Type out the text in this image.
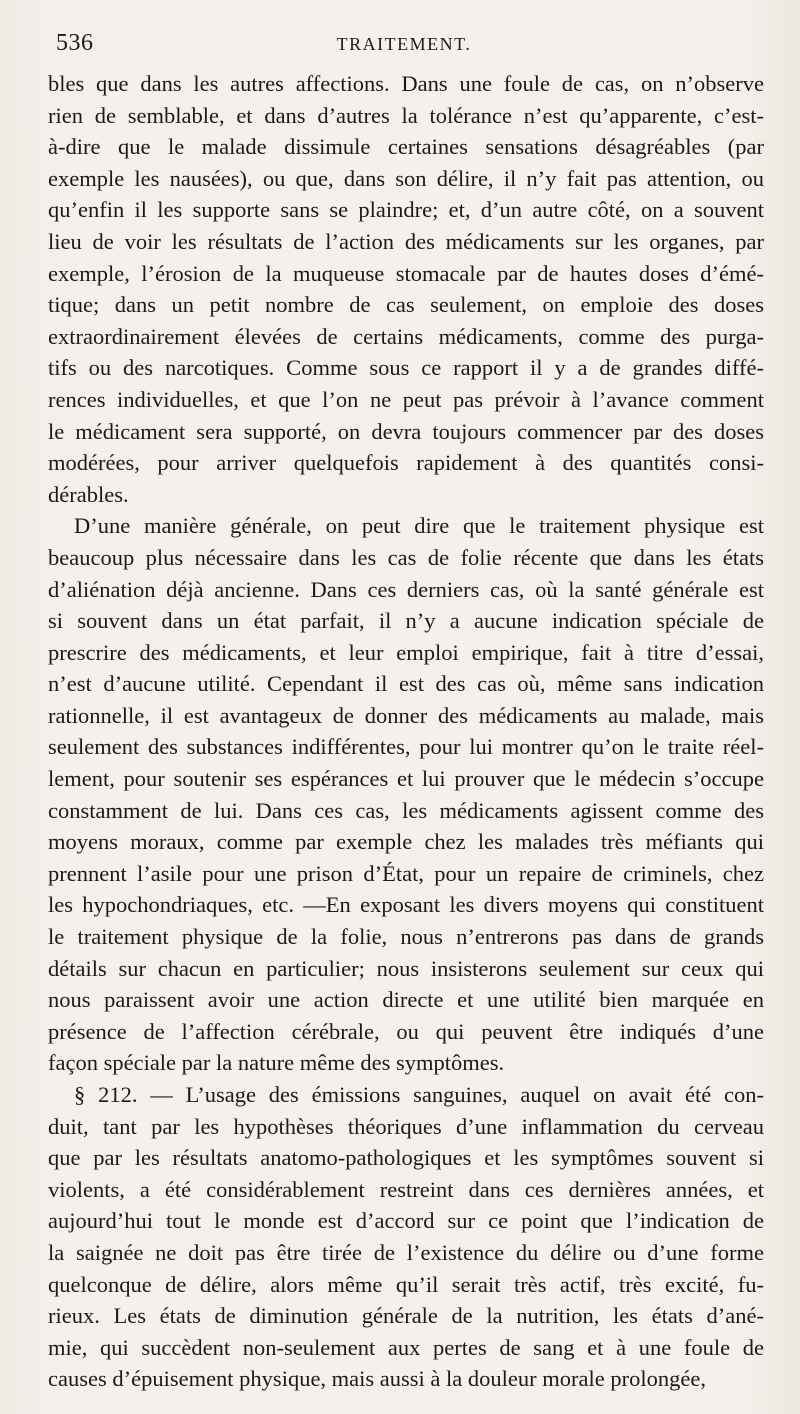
536	TRAITEMENT.
bles que dans les autres affections. Dans une foule de cas, on n’observe
rien de semblable, et dans d’autres la tolérance n’est qu’apparente, c’est-
à-dire que le malade dissimule certaines sensations désagréables (par
exemple les nausées), ou que, dans son délire, il n’y fait pas attention, ou
qu’enfin il les supporte sans se plaindre; et, d’un autre côté, on a souvent
lieu de voir les résultats de l’action des médicaments sur les organes, par
exemple, l’érosion de la muqueuse stomacale par de hautes doses d’émé-
tique; dans un petit nombre de cas seulement, on emploie des doses
extraordinairement élevées de certains médicaments, comme des purga-
tifs ou des narcotiques. Comme sous ce rapport il y a de grandes diffé-
rences individuelles, et que l’on ne peut pas prévoir à l’avance comment
le médicament sera supporté, on devra toujours commencer par des doses
modérées, pour arriver quelquefois rapidement à des quantités consi-
dérables.
D’une manière générale, on peut dire que le traitement physique est
beaucoup plus nécessaire dans les cas de folie récente que dans les états
d’aliénation déjà ancienne. Dans ces derniers cas, où la santé générale est
si souvent dans un état parfait, il n’y a aucune indication spéciale de
prescrire des médicaments, et leur emploi empirique, fait à titre d’essai,
n’est d’aucune utilité. Cependant il est des cas où, même sans indication
rationnelle, il est avantageux de donner des médicaments au malade, mais
seulement des substances indifférentes, pour lui montrer qu’on le traite réel-
lement, pour soutenir ses espérances et lui prouver que le médecin s’occupe
constamment de lui. Dans ces cas, les médicaments agissent comme des
moyens moraux, comme par exemple chez les malades très méfiants qui
prennent l’asile pour une prison d’État, pour un repaire de criminels, chez
les hypochondriaques, etc. —En exposant les divers moyens qui constituent
le traitement physique de la folie, nous n’entrerons pas dans de grands
détails sur chacun en particulier; nous insisterons seulement sur ceux qui
nous paraissent avoir une action directe et une utilité bien marquée en
présence de l’affection cérébrale, ou qui peuvent être indiqués d’une
façon spéciale par la nature même des symptômes.
§ 212. — L’usage des émissions sanguines, auquel on avait été con-
duit, tant par les hypothèses théoriques d’une inflammation du cerveau
que par les résultats anatomo-pathologiques et les symptômes souvent si
violents, a été considérablement restreint dans ces dernières années, et
aujourd’hui tout le monde est d’accord sur ce point que l’indication de
la saignée ne doit pas être tirée de l’existence du délire ou d’une forme
quelconque de délire, alors même qu’il serait très actif, très excité, fu-
rieux. Les états de diminution générale de la nutrition, les états d’ané-
mie, qui succèdent non-seulement aux pertes de sang et à une foule de
causes d’épuisement physique, mais aussi à la douleur morale prolongée,
